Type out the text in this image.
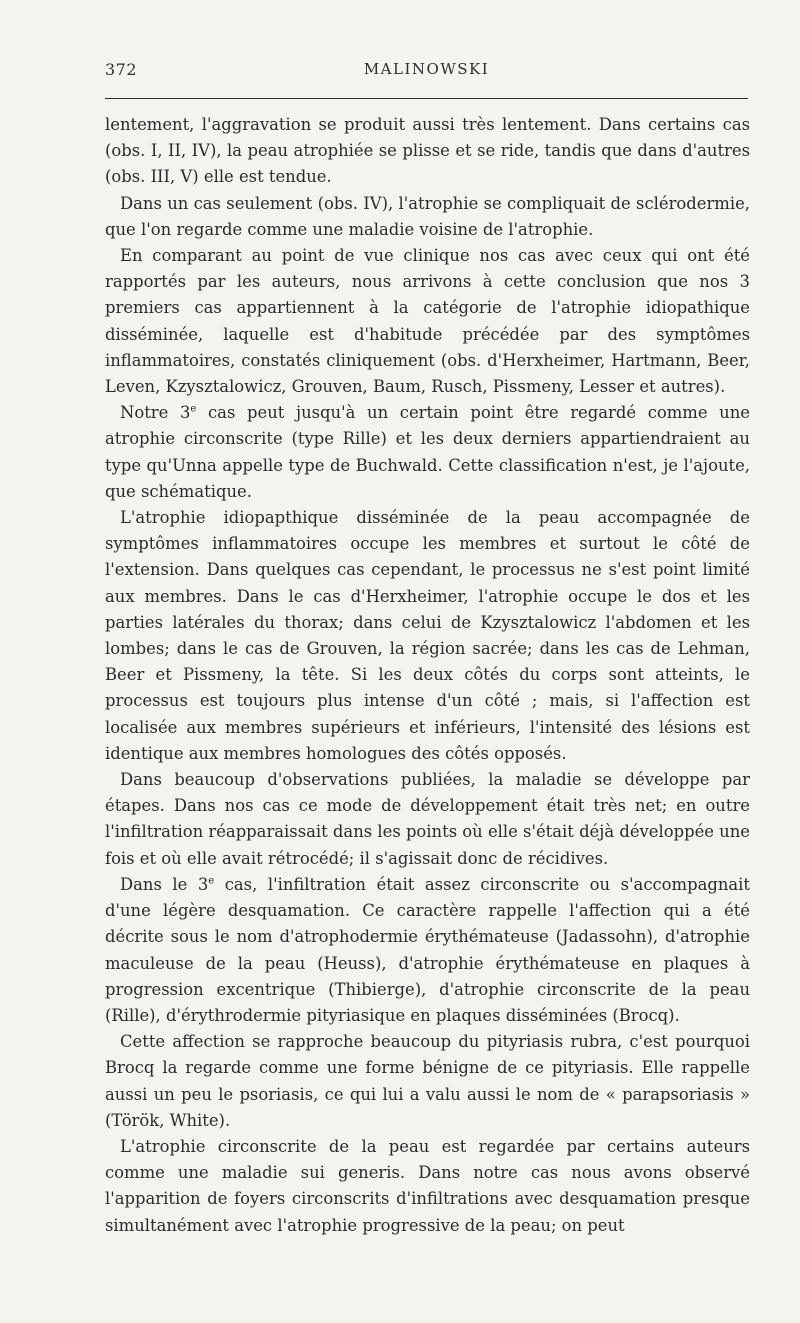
372	MALINOWSKI

lentement, l'aggravation se produit aussi très lentement. Dans certains cas (obs. I, II, IV), la peau atrophiée se plisse et se ride, tandis que dans d'autres (obs. III, V) elle est tendue.

Dans un cas seulement (obs. IV), l'atrophie se compliquait de sclérodermie, que l'on regarde comme une maladie voisine de l'atrophie.

En comparant au point de vue clinique nos cas avec ceux qui ont été rapportés par les auteurs, nous arrivons à cette conclusion que nos 3 premiers cas appartiennent à la catégorie de l'atrophie idiopathique disséminée, laquelle est d'habitude précédée par des symptômes inflammatoires, constatés cliniquement (obs. d'Herxheimer, Hartmann, Beer, Leven, Kzysztalowicz, Grouven, Baum, Rusch, Pissmeny, Lesser et autres).

Notre 3e cas peut jusqu'à un certain point être regardé comme une atrophie circonscrite (type Rille) et les deux derniers appartiendraient au type qu'Unna appelle type de Buchwald. Cette classification n'est, je l'ajoute, que schématique.

L'atrophie idiopapthique disséminée de la peau accompagnée de symptômes inflammatoires occupe les membres et surtout le côté de l'extension. Dans quelques cas cependant, le processus ne s'est point limité aux membres. Dans le cas d'Herxheimer, l'atrophie occupe le dos et les parties latérales du thorax; dans celui de Kzysztalowicz l'abdomen et les lombes; dans le cas de Grouven, la région sacrée; dans les cas de Lehman, Beer et Pissmeny, la tête. Si les deux côtés du corps sont atteints, le processus est toujours plus intense d'un côté ; mais, si l'affection est localisée aux membres supérieurs et inférieurs, l'intensité des lésions est identique aux membres homologues des côtés opposés.

Dans beaucoup d'observations publiées, la maladie se développe par étapes. Dans nos cas ce mode de développement était très net; en outre l'infiltration réapparaissait dans les points où elle s'était déjà développée une fois et où elle avait rétrocédé; il s'agissait donc de récidives.

Dans le 3e cas, l'infiltration était assez circonscrite ou s'accompagnait d'une légère desquamation. Ce caractère rappelle l'affection qui a été décrite sous le nom d'atrophodermie érythémateuse (Jadassohn), d'atrophie maculeuse de la peau (Heuss), d'atrophie érythémateuse en plaques à progression excentrique (Thibierge), d'atrophie circonscrite de la peau (Rille), d'érythrodermie pityriasique en plaques disséminées (Brocq).

Cette affection se rapproche beaucoup du pityriasis rubra, c'est pourquoi Brocq la regarde comme une forme bénigne de ce pityriasis. Elle rappelle aussi un peu le psoriasis, ce qui lui a valu aussi le nom de « parapsoriasis » (Török, White).

L'atrophie circonscrite de la peau est regardée par certains auteurs comme une maladie sui generis. Dans notre cas nous avons observé l'apparition de foyers circonscrits d'infiltrations avec desquamation presque simultanément avec l'atrophie progressive de la peau; on peut
